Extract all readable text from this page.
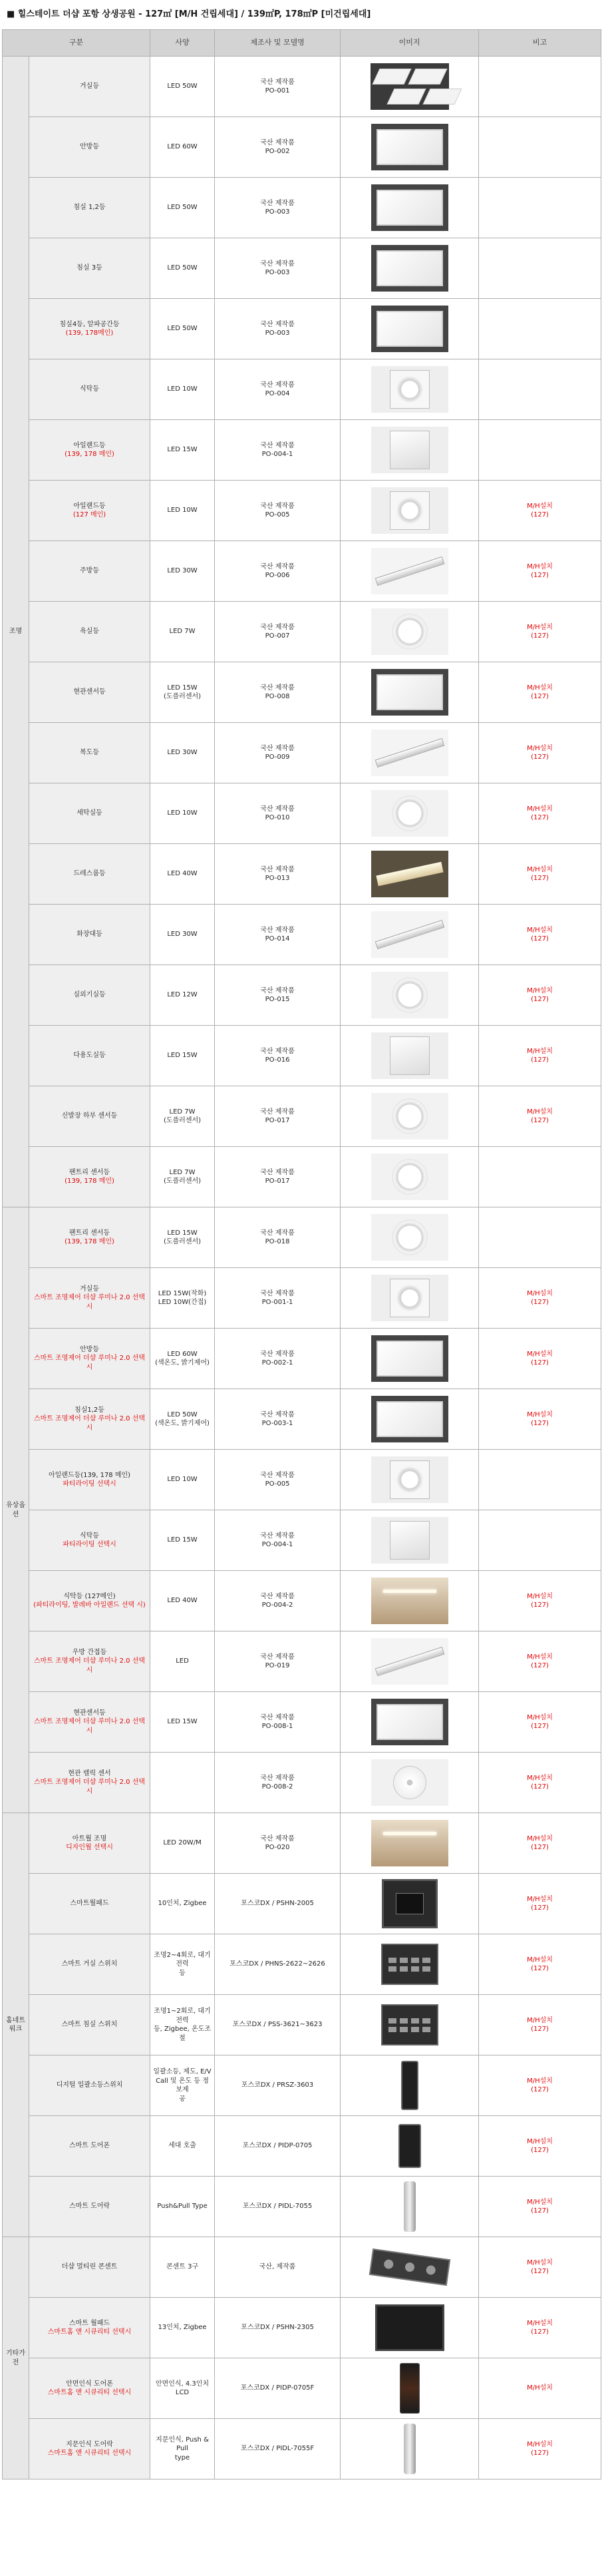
■ 힐스테이트 더샵 포항 상생공원 - 127㎡ [M/H 건립세대] / 139㎡P, 178㎡P [미건립세대]
구분		사양	제조사 및 모델명	이미지	비고
조명	거실등	LED 50W	국산 제작품
PO-001	

	안방등	LED 60W	국산 제작품
PO-002	

	침실 1,2등	LED 50W	국산 제작품
PO-003	

	침실 3등	LED 50W	국산 제작품
PO-003	

	침실4등, 알파공간등
(139, 178메인)	LED 50W	국산 제작품
PO-003	

	식탁등	LED 10W	국산 제작품
PO-004	

	아일랜드등
(139, 178 메인)	LED 15W	국산 제작품
PO-004-1	

	아일랜드등
(127 메인)	LED 10W	국산 제작품
PO-005		M/H설치
(127)
	주방등	LED 30W	국산 제작품
PO-006		M/H설치
(127)
	욕실등	LED 7W	국산 제작품
PO-007		M/H설치
(127)
	현관센서등	LED 15W
(도플러센서)	국산 제작품
PO-008		M/H설치
(127)
	복도등	LED 30W	국산 제작품
PO-009		M/H설치
(127)
	세탁실등	LED 10W	국산 제작품
PO-010		M/H설치
(127)
	드레스룸등	LED 40W	국산 제작품
PO-013		M/H설치
(127)
	화장대등	LED 30W	국산 제작품
PO-014		M/H설치
(127)
	실외기실등	LED 12W	국산 제작품
PO-015		M/H설치
(127)
	다용도실등	LED 15W	국산 제작품
PO-016		M/H설치
(127)
	신발장 하부 센서등	LED 7W
(도플러센서)	국산 제작품
PO-017		M/H설치
(127)
	팬트리 센서등
(139, 178 메인)	LED 7W
(도플러센서)	국산 제작품
PO-017	

유상옵션	팬트리 센서등
(139, 178 메인)	LED 15W
(도플러센서)	국산 제작품
PO-018	

	거실등
스마트 조명제어 더샵 루미나 2.0 선택시	LED 15W(작화)
LED 10W(간접)	국산 제작품
PO-001-1		M/H설치
(127)
	안방등
스마트 조명제어 더샵 루미나 2.0 선택시	LED 60W
(색온도, 밝기제어)	국산 제작품
PO-002-1		M/H설치
(127)
	침실1,2등
스마트 조명제어 더샵 루미나 2.0 선택시	LED 50W
(색온도, 밝기제어)	국산 제작품
PO-003-1		M/H설치
(127)
	아일랜드등(139, 178 메인)
파티라이팅 선택시	LED 10W	국산 제작품
PO-005	

	식탁등
파티라이팅 선택시	LED 15W	국산 제작품
PO-004-1	

	식탁등 (127메인)
(파티라이팅, 발레바 아일랜드 선택 시)	LED 40W	국산 제작품
PO-004-2		M/H설치
(127)
	우방 간접등
스마트 조명제어 더샵 루미나 2.0 선택시	LED	국산 제작품
PO-019		M/H설치
(127)
	현관센서등
스마트 조명제어 더샵 루미나 2.0 선택시	LED 15W	국산 제작품
PO-008-1		M/H설치
(127)
	현관 렐릭 센서
스마트 조명제어 더샵 루미나 2.0 선택시		국산 제작품
PO-008-2		M/H설치
(127)
홈네트워크	아트월 조명
디자인월 선택시	LED 20W/M	국산 제작품
PO-020		M/H설치
(127)
	스마트월패드	10인치, Zigbee	포스코DX / PSHN-2005		M/H설치
(127)
	스마트 거실 스위치	조명2~4회로, 대기전력
등	포스코DX / PHNS-2622~2626		M/H설치
(127)
	스마트 침실 스위치	조명1~2회로, 대기전력
등, Zigbee, 온도조절	포스코DX / PSS-3621~3623		M/H설치
(127)
	디지털 일괄소등스위치	일괄소등, 제도, E/V
Call 및 온도 등 정보제
공	포스코DX / PRSZ-3603		M/H설치
(127)
	스마트 도어폰	세대 호출	포스코DX / PIDP-0705		M/H설치
(127)
	스마트 도어락	Push&Pull Type	포스코DX / PIDL-7055		M/H설치
(127)
기타가전	더샵 멀티린 콘센트	콘센트 3구	국산, 제작품		M/H설치
(127)
	스마트 월패드
스마트홈 앤 시큐리티 선택시	13인치, Zigbee	포스코DX / PSHN-2305		M/H설치
(127)
	안면인식 도어폰
스마트홈 앤 시큐리티 선택시	안면인식, 4.3인치 LCD	포스코DX / PIDP-0705F		M/H설치
	지문인식 도어락
스마트홈 앤 시큐리티 선택시	지문인식, Push & Pull
type	포스코DX / PIDL-7055F		M/H설치
(127)
